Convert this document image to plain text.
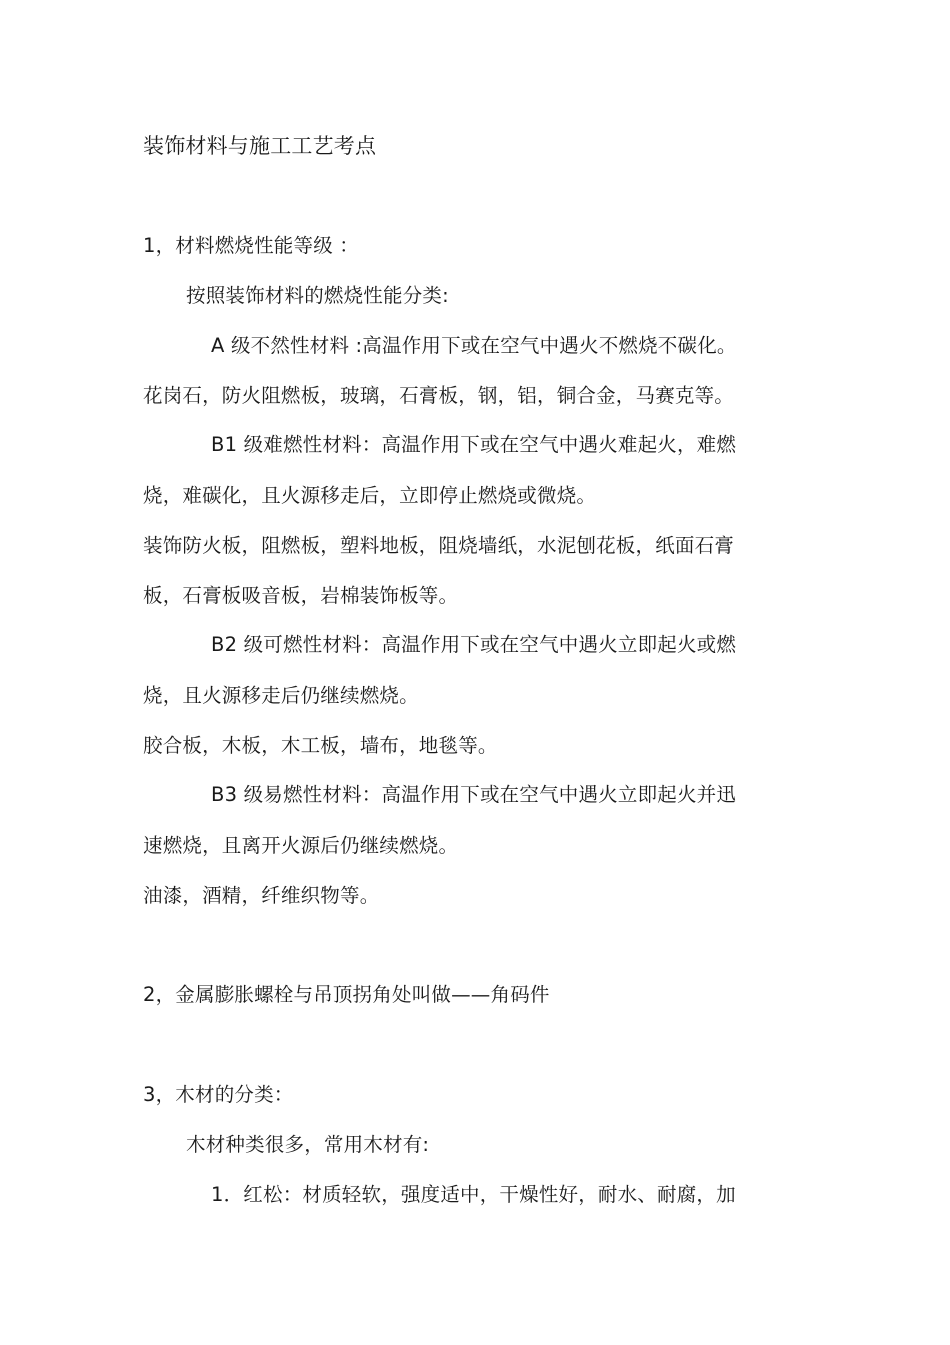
装饰材料与施工工艺考点
1，材料燃烧性能等级 ：
按照装饰材料的燃烧性能分类:
A 级不然性材料 :高温作用下或在空气中遇火不燃烧不碳化。
花岗石，防火阻燃板，玻璃，石膏板，钢，铝，铜合金，马赛克等。
B1 级难燃性材料：高温作用下或在空气中遇火难起火，难燃
烧，难碳化，且火源移走后，立即停止燃烧或微烧。
装饰防火板，阻燃板，塑料地板，阻烧墙纸，水泥刨花板，纸面石膏
板，石膏板吸音板，岩棉装饰板等。
B2 级可燃性材料：高温作用下或在空气中遇火立即起火或燃
烧，且火源移走后仍继续燃烧。
胶合板，木板，木工板，墙布，地毯等。
B3 级易燃性材料：高温作用下或在空气中遇火立即起火并迅
速燃烧，且离开火源后仍继续燃烧。
油漆，酒精，纤维织物等。
2，金属膨胀螺栓与吊顶拐角处叫做——角码件
3，木材的分类：
木材种类很多，常用木材有:
1．红松：材质轻软，强度适中，干燥性好，耐水、耐腐，加
